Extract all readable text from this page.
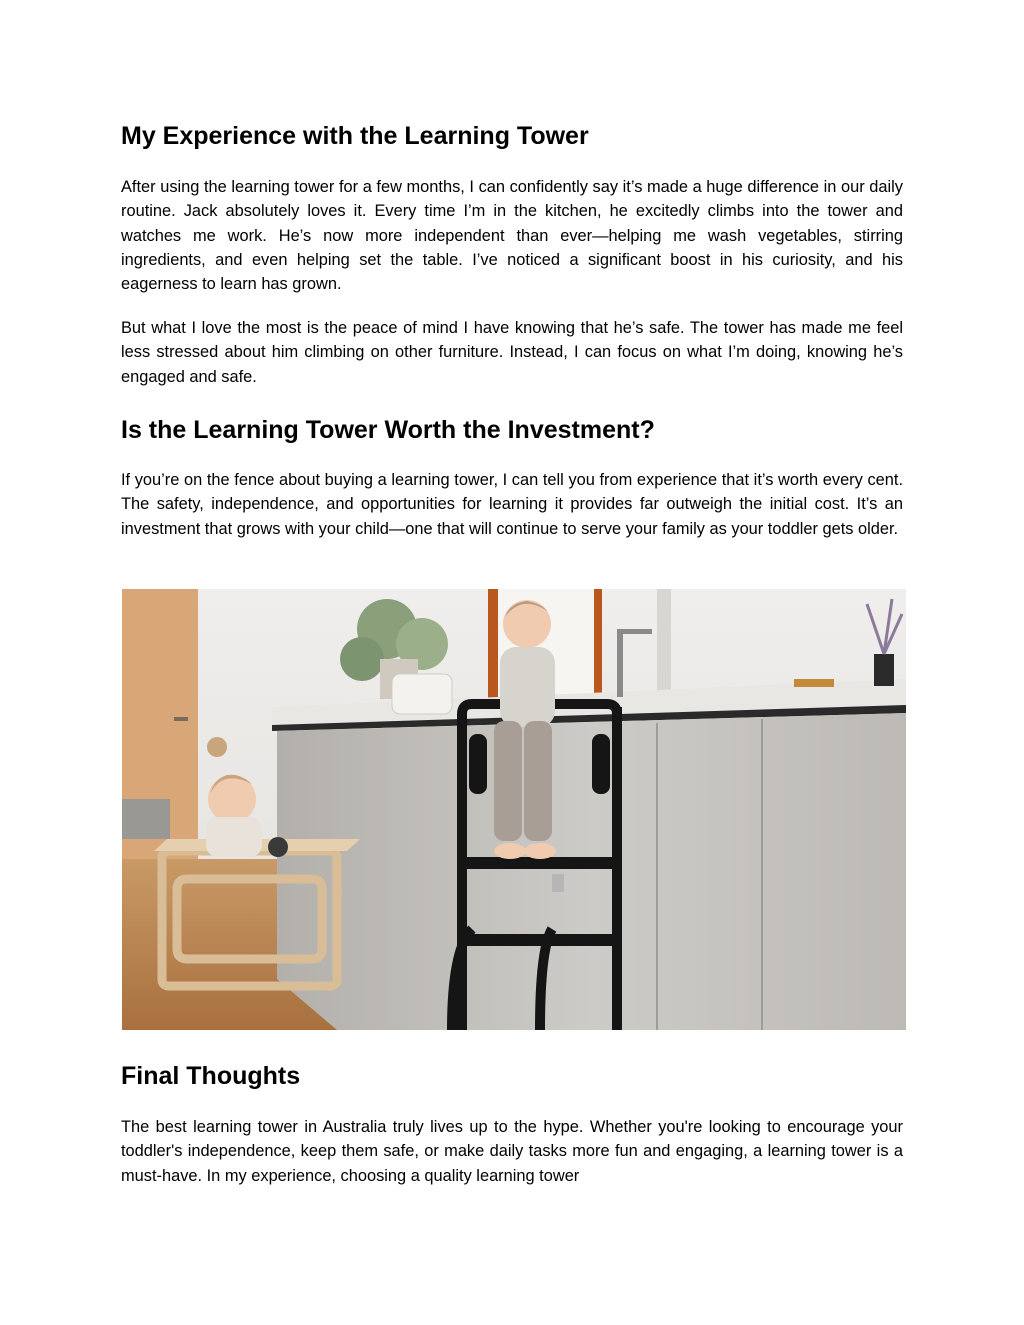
My Experience with the Learning Tower

After using the learning tower for a few months, I can confidently say it’s made a huge difference in our daily routine. Jack absolutely loves it. Every time I’m in the kitchen, he excitedly climbs into the tower and watches me work. He’s now more independent than ever—helping me wash vegetables, stirring ingredients, and even helping set the table. I’ve noticed a significant boost in his curiosity, and his eagerness to learn has grown.

But what I love the most is the peace of mind I have knowing that he’s safe. The tower has made me feel less stressed about him climbing on other furniture. Instead, I can focus on what I’m doing, knowing he’s engaged and safe.

Is the Learning Tower Worth the Investment?

If you’re on the fence about buying a learning tower, I can tell you from experience that it’s worth every cent. The safety, independence, and opportunities for learning it provides far outweigh the initial cost. It’s an investment that grows with your child—one that will continue to serve your family as your toddler gets older.

Final Thoughts

The best learning tower in Australia truly lives up to the hype. Whether you're looking to encourage your toddler's independence, keep them safe, or make daily tasks more fun and engaging, a learning tower is a must-have. In my experience, choosing a quality learning tower
